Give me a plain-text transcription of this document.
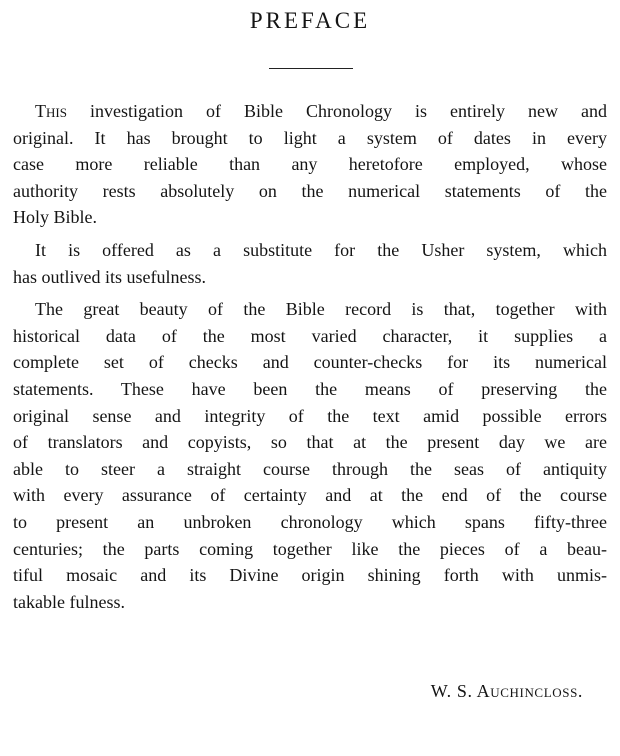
PREFACE
This investigation of Bible Chronology is entirely new and
original. It has brought to light a system of dates in every
case more reliable than any heretofore employed, whose
authority rests absolutely on the numerical statements of the
Holy Bible.
It is offered as a substitute for the Usher system, which
has outlived its usefulness.
The great beauty of the Bible record is that, together with
historical data of the most varied character, it supplies a
complete set of checks and counter-checks for its numerical
statements. These have been the means of preserving the
original sense and integrity of the text amid possible errors
of translators and copyists, so that at the present day we are
able to steer a straight course through the seas of antiquity
with every assurance of certainty and at the end of the course
to present an unbroken chronology which spans fifty-three
centuries; the parts coming together like the pieces of a beau-
tiful mosaic and its Divine origin shining forth with unmis-
takable fulness.
W. S. Auchincloss.
